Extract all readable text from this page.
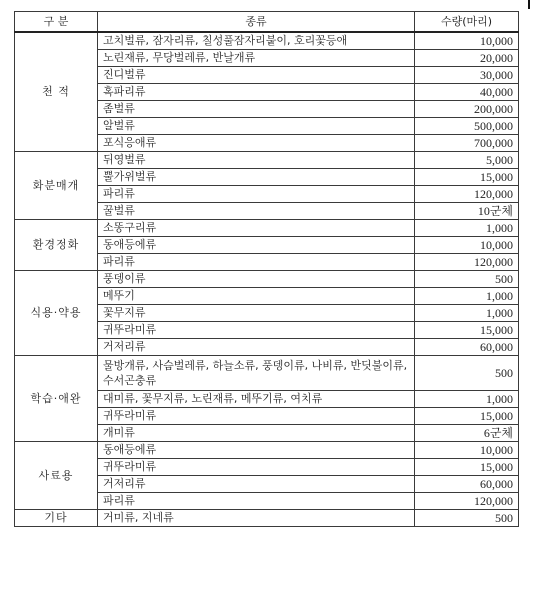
구 분	종류	수량(마리)
천 적	고치벌류, 잠자리류, 칠성풀잠자리붙이, 호리꽃등애	10,000
	노린재류, 무당벌레류, 반날개류	20,000
	진디벌류	30,000
	혹파리류	40,000
	좀벌류	200,000
	알벌류	500,000
	포식응애류	700,000
화분매개	뒤영벌류	5,000
	뿔가위벌류	15,000
	파리류	120,000
	꿀벌류	10군체
환경정화	소똥구리류	1,000
	동애등에류	10,000
	파리류	120,000
식용·약용	풍뎅이류	500
	메뚜기	1,000
	꽃무지류	1,000
	귀뚜라미류	15,000
	거저리류	60,000
학습·애완	물방개류, 사슴벌레류, 하늘소류, 풍뎅이류, 나비류, 반딧불이류, 수서곤충류	500
	대미류, 꽃무지류, 노린재류, 메뚜기류, 여치류	1,000
	귀뚜라미류	15,000
	개미류	6군체
사료용	동애등에류	10,000
	귀뚜라미류	15,000
	거저리류	60,000
	파리류	120,000
기타	거미류, 지네류	500
